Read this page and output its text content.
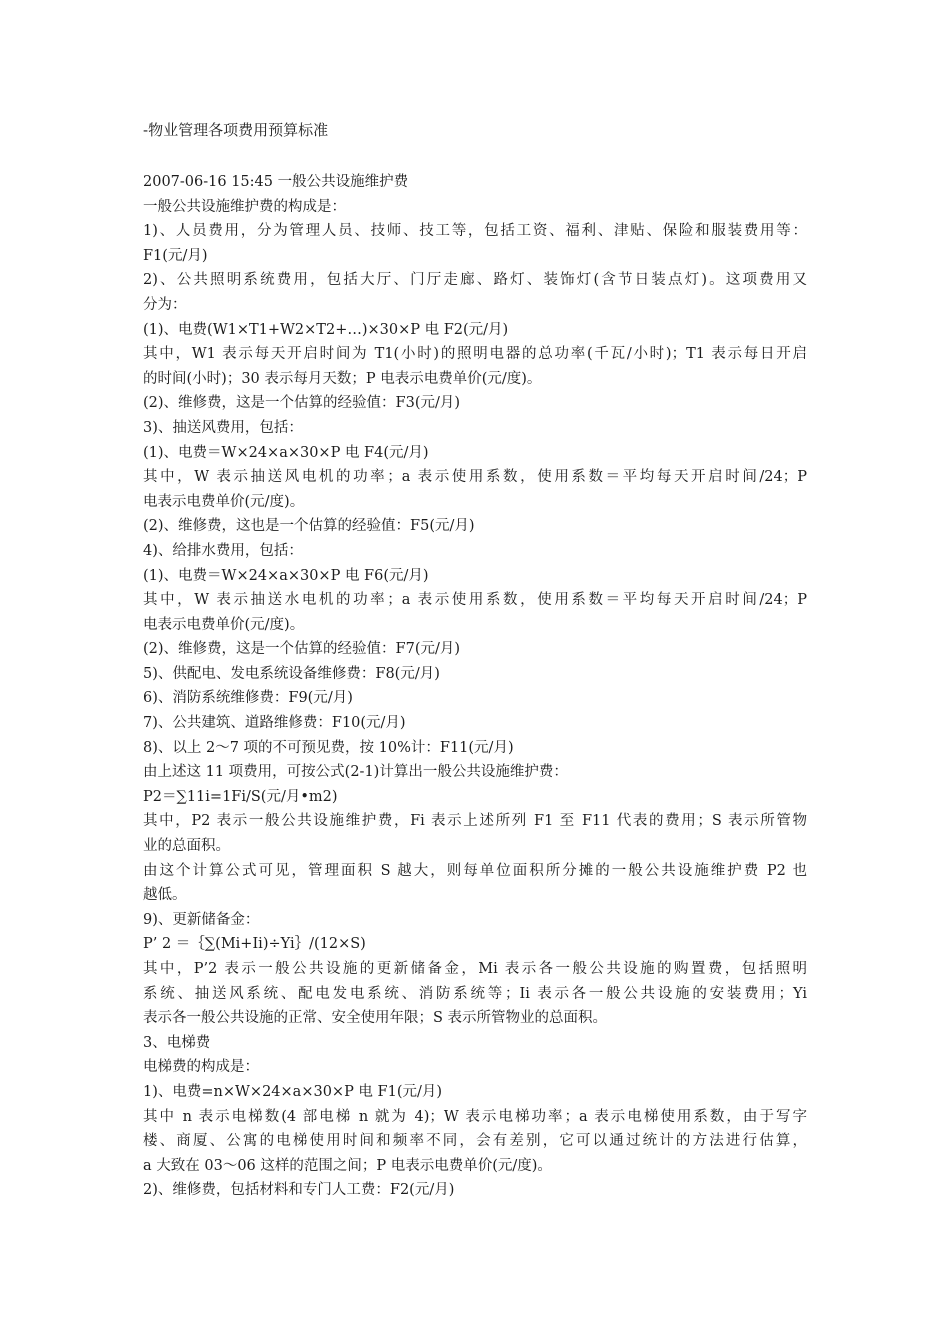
-物业管理各项费用预算标准
2007-06-16 15:45 一般公共设施维护费
一般公共设施维护费的构成是：
1)、人员费用，分为管理人员、技师、技工等，包括工资、福利、津贴、保险和服装费用等：
F1(元/月)
2)、公共照明系统费用，包括大厅、门厅走廊、路灯、装饰灯(含节日装点灯)。这项费用又
分为：
(1)、电费(W1×T1+W2×T2+…)×30×P 电 F2(元/月)
其中，W1 表示每天开启时间为 T1(小时)的照明电器的总功率(千瓦/小时)；T1 表示每日开启
的时间(小时)；30 表示每月天数；P 电表示电费单价(元/度)。
(2)、维修费，这是一个估算的经验值：F3(元/月)
3)、抽送风费用，包括：
(1)、电费＝W×24×a×30×P 电 F4(元/月)
其中，W 表示抽送风电机的功率；a 表示使用系数，使用系数＝平均每天开启时间/24；P
电表示电费单价(元/度)。
(2)、维修费，这也是一个估算的经验值：F5(元/月)
4)、给排水费用，包括：
(1)、电费＝W×24×a×30×P 电 F6(元/月)
其中，W 表示抽送水电机的功率；a 表示使用系数，使用系数＝平均每天开启时间/24；P
电表示电费单价(元/度)。
(2)、维修费，这是一个估算的经验值：F7(元/月)
5)、供配电、发电系统设备维修费：F8(元/月)
6)、消防系统维修费：F9(元/月)
7)、公共建筑、道路维修费：F10(元/月)
8)、以上 2～7 项的不可预见费，按 10%计：F11(元/月)
由上述这 11 项费用，可按公式(2-1)计算出一般公共设施维护费：
P2＝∑11i=1Fi/S(元/月•m2)
其中，P2 表示一般公共设施维护费，Fi 表示上述所列 F1 至 F11 代表的费用；S 表示所管物
业的总面积。
由这个计算公式可见，管理面积 S 越大，则每单位面积所分摊的一般公共设施维护费 P2 也
越低。
9)、更新储备金：
P’ 2 ＝｛∑(Mi+Ii)÷Yi｝/(12×S)
其中，P’2 表示一般公共设施的更新储备金，Mi 表示各一般公共设施的购置费，包括照明
系统、抽送风系统、配电发电系统、消防系统等；Ii 表示各一般公共设施的安装费用；Yi
表示各一般公共设施的正常、安全使用年限；S 表示所管物业的总面积。
3、电梯费
电梯费的构成是：
1)、电费=n×W×24×a×30×P 电 F1(元/月)
其中 n 表示电梯数(4 部电梯 n 就为 4)；W 表示电梯功率；a 表示电梯使用系数，由于写字
楼、商厦、公寓的电梯使用时间和频率不同，会有差别，它可以通过统计的方法进行估算，
a 大致在 03～06 这样的范围之间；P 电表示电费单价(元/度)。
2)、维修费，包括材料和专门人工费：F2(元/月)
